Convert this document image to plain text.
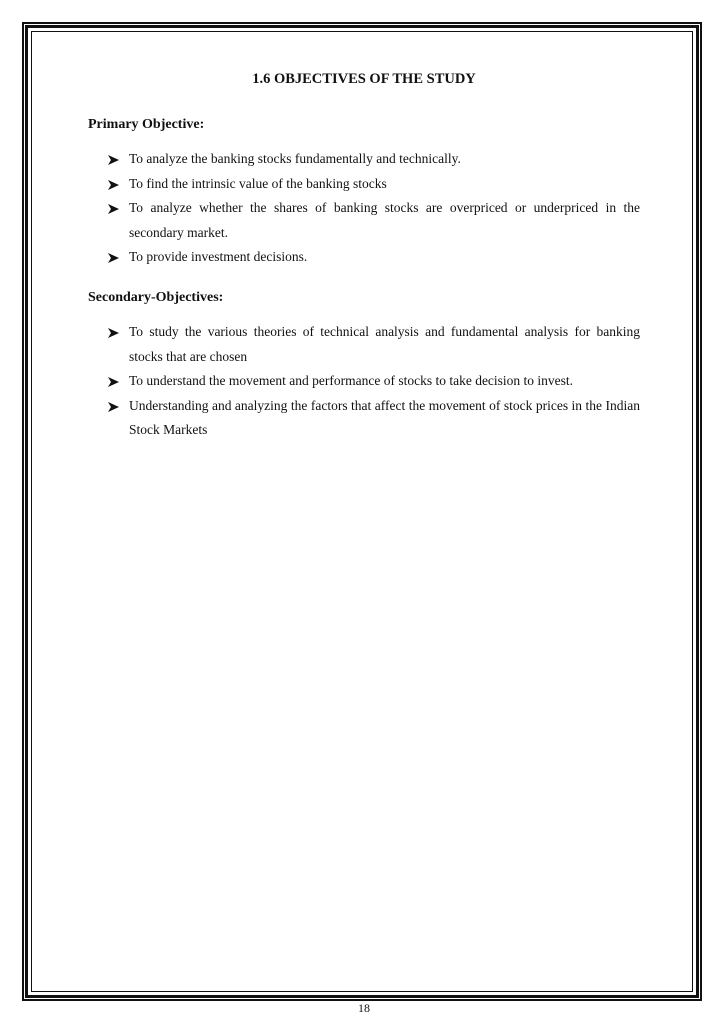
1.6 OBJECTIVES OF THE STUDY
Primary Objective:
To analyze the banking stocks fundamentally and technically.
To find the intrinsic value of the banking stocks
To analyze whether the shares of banking stocks are overpriced or underpriced in the secondary market.
To provide investment decisions.
Secondary-Objectives:
To study the various theories of technical analysis and fundamental analysis for banking stocks that are chosen
To understand the movement and performance of stocks to take decision to invest.
Understanding and analyzing the factors that affect the movement of stock prices in the Indian Stock Markets
18
